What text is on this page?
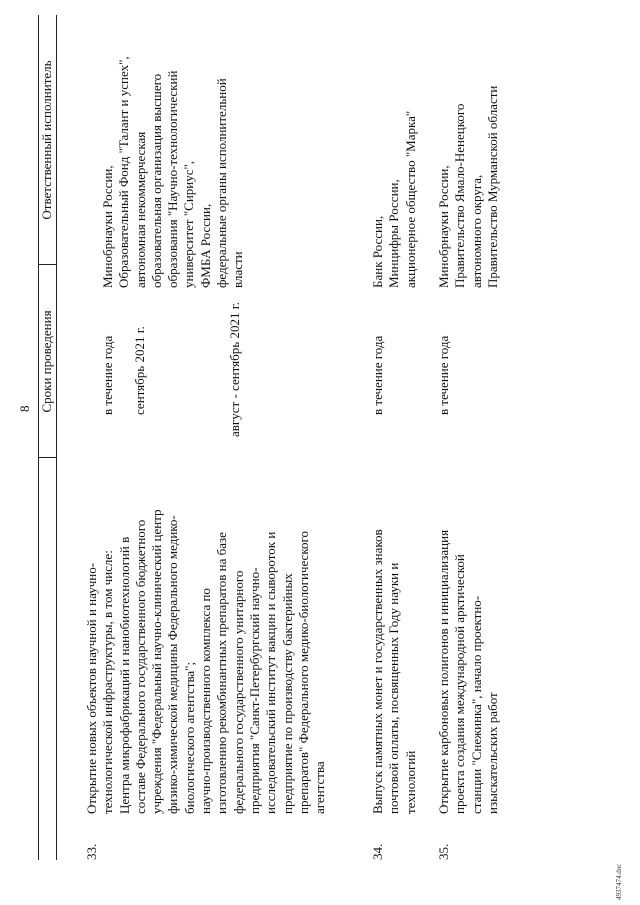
8 Сроки проведения
Ответственный исполнитель
33.
Открытие новых объектов научной и научно- технологической инфраструктуры, в том числе: Центра микрофабрикаций и нанобиотехнологий в составе Федерального государственного бюджетного учреждения "Федеральный научно-клинический центр физико-химической медицины Федерального медико- биологического агентства"; научно-производственного комплекса по изготовлению рекомбинантных препаратов на базе федерального государственного унитарного предприятия "Санкт-Петербургский научно- исследовательский институт вакцин и сывороток и предприятие по производству бактерийных препаратов" Федерального медико-биологического агентства
в течение года сентябрь 2021 г.	август - сентябрь 2021 г.
Минобрнауки России, Образовательный Фонд "Талант и успех", автономная некоммерческая образовательная организация высшего образования "Научно-технологический университет "Сириус", ФМБА России, федеральные органы исполнительной власти
34.
Выпуск памятных монет и государственных знаков почтовой оплаты, посвященных Году науки и технологий
в течение года
Банк России, Минцифры России, акционерное общество "Марка"
35.
Открытие карбоновых полигонов и инициализация проекта создания международной арктической станции "Снежинка", начало проектно- изыскательских работ
в течение года
Минобрнауки России, Правительство Ямало-Ненецкого автономного округа, Правительство Мурманской области
4937474.doc
